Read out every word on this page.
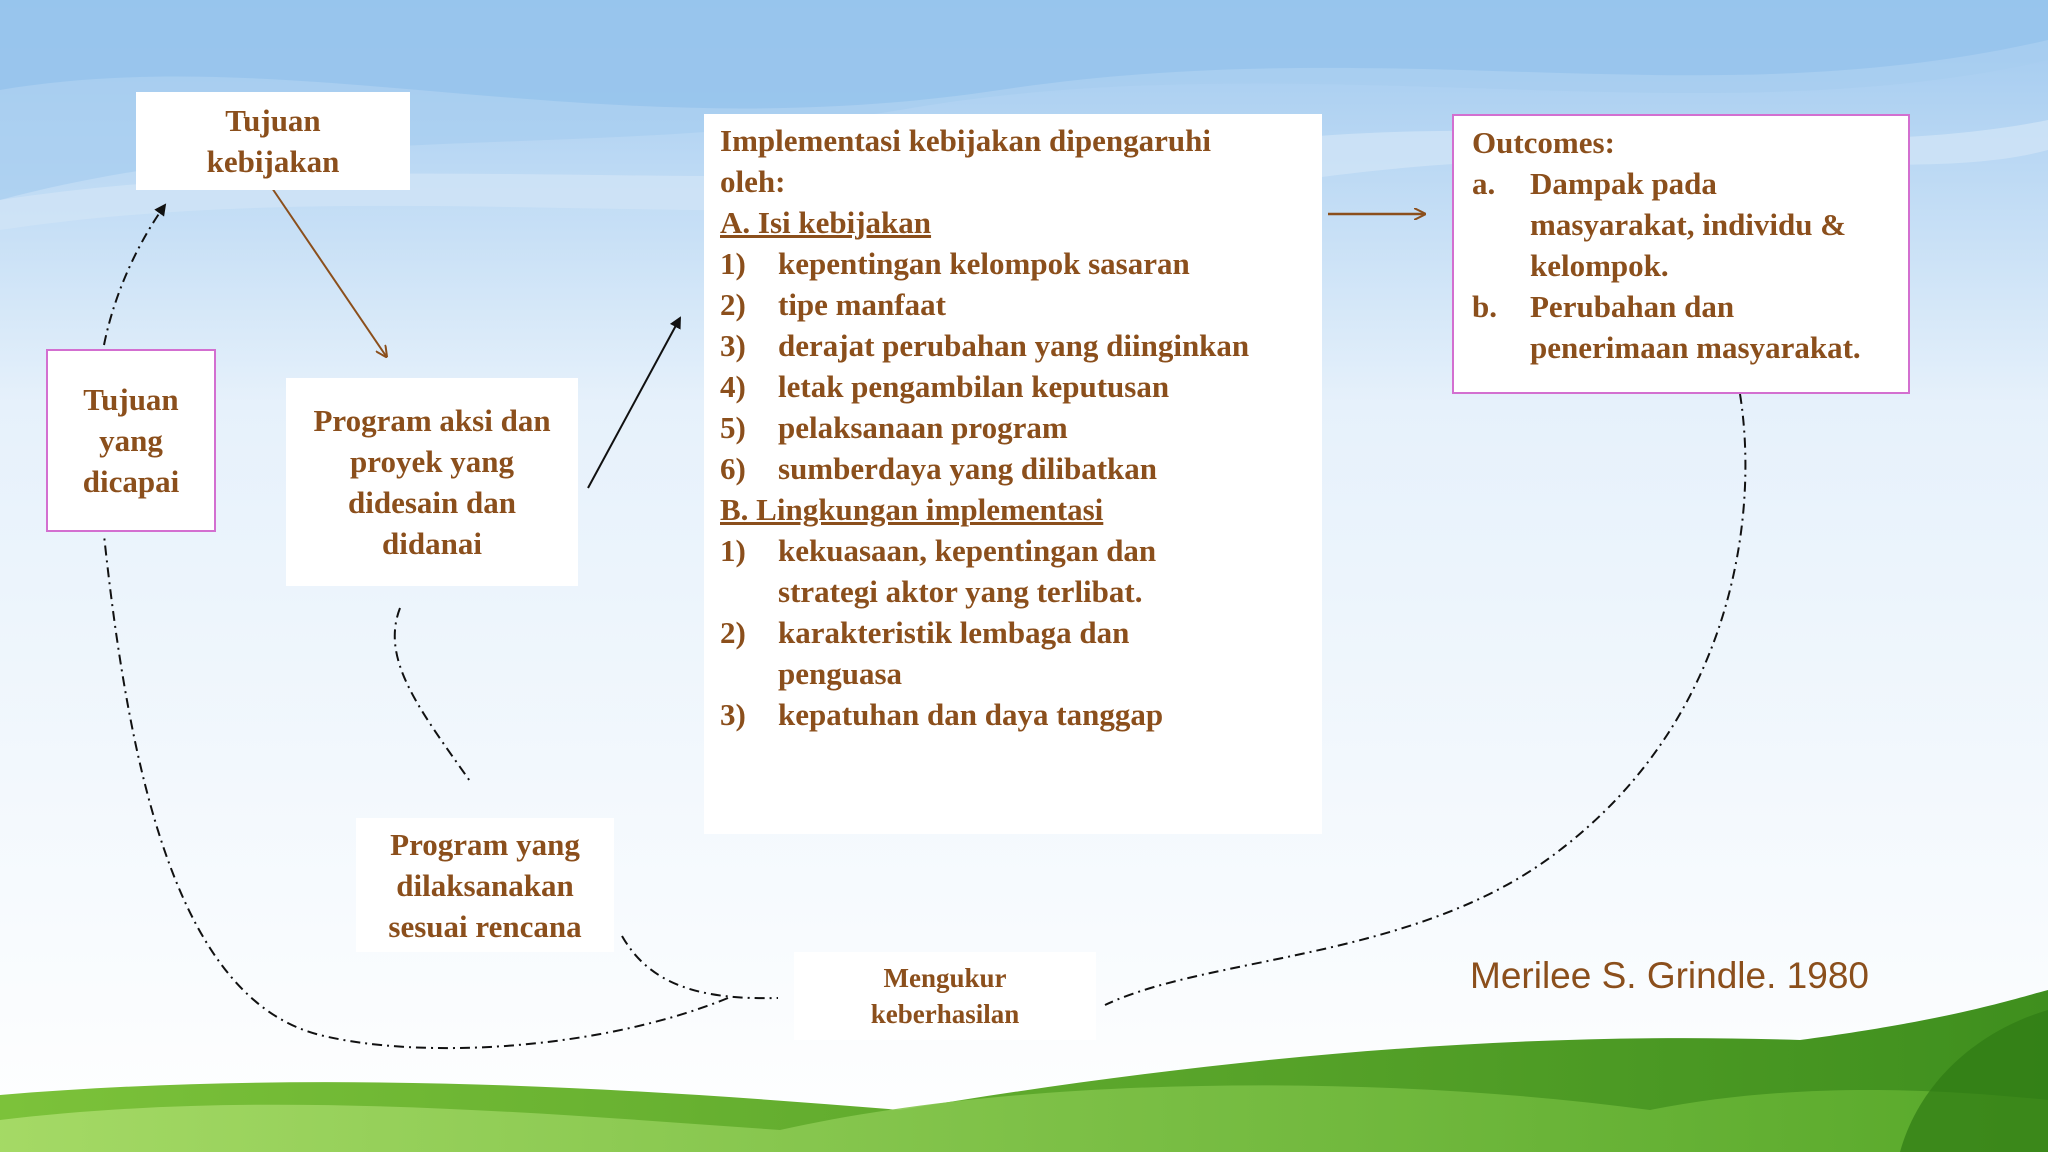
Tujuan
kebijakan
Tujuan
yang
dicapai
Program aksi dan
proyek yang
didesain dan
didanai
Program yang
dilaksanakan
sesuai rencana
Mengukur
keberhasilan
Implementasi kebijakan dipengaruhi
oleh:
A. Isi kebijakan
1) kepentingan kelompok sasaran
2) tipe manfaat
3) derajat perubahan yang diinginkan
4) letak pengambilan keputusan
5) pelaksanaan program
6) sumberdaya yang dilibatkan
B. Lingkungan implementasi
1) kekuasaan, kepentingan dan
strategi aktor yang terlibat.
2) karakteristik lembaga dan
penguasa
3) kepatuhan dan daya tanggap
Outcomes:
a. Dampak pada
masyarakat, individu &
kelompok.
b. Perubahan dan
penerimaan masyarakat.
Merilee S. Grindle. 1980
